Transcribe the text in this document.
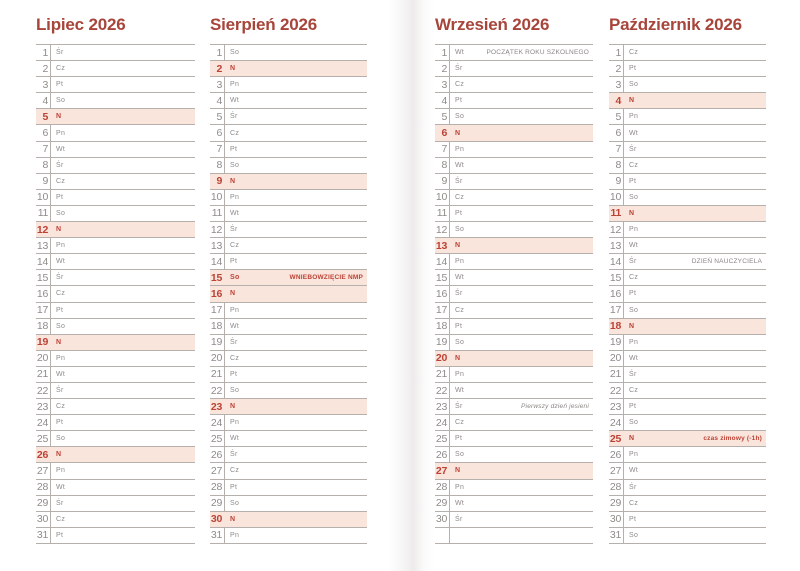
Lipiec 2026
1 Śr
2 Cz
3 Pt
4 So
5 N
6 Pn
7 Wt
8 Śr
9 Cz
10 Pt
11 So
12 N
13 Pn
14 Wt
15 Śr
16 Cz
17 Pt
18 So
19 N
20 Pn
21 Wt
22 Śr
23 Cz
24 Pt
25 So
26 N
27 Pn
28 Wt
29 Śr
30 Cz
31 Pt
Sierpień 2026
1 So
2 N
3 Pn
4 Wt
5 Śr
6 Cz
7 Pt
8 So
9 N
10 Pn
11 Wt
12 Śr
13 Cz
14 Pt
15 So	WNIEBOWZIĘCIE NMP
16 N
17 Pn
18 Wt
19 Śr
20 Cz
21 Pt
22 So
23 N
24 Pn
25 Wt
26 Śr
27 Cz
28 Pt
29 So
30 N
31 Pn
Wrzesień 2026
1 Wt	POCZĄTEK ROKU SZKOLNEGO
2 Śr
3 Cz
4 Pt
5 So
6 N
7 Pn
8 Wt
9 Śr
10 Cz
11 Pt
12 So
13 N
14 Pn
15 Wt
16 Śr
17 Cz
18 Pt
19 So
20 N
21 Pn
22 Wt
23 Śr	Pierwszy dzień jesieni
24 Cz
25 Pt
26 So
27 N
28 Pn
29 Wt
30 Śr
Październik 2026
1 Cz
2 Pt
3 So
4 N
5 Pn
6 Wt
7 Śr
8 Cz
9 Pt
10 So
11 N
12 Pn
13 Wt
14 Śr	DZIEŃ NAUCZYCIELA
15 Cz
16 Pt
17 So
18 N
19 Pn
20 Wt
21 Śr
22 Cz
23 Pt
24 So
25 N	czas zimowy (-1h)
26 Pn
27 Wt
28 Śr
29 Cz
30 Pt
31 So
